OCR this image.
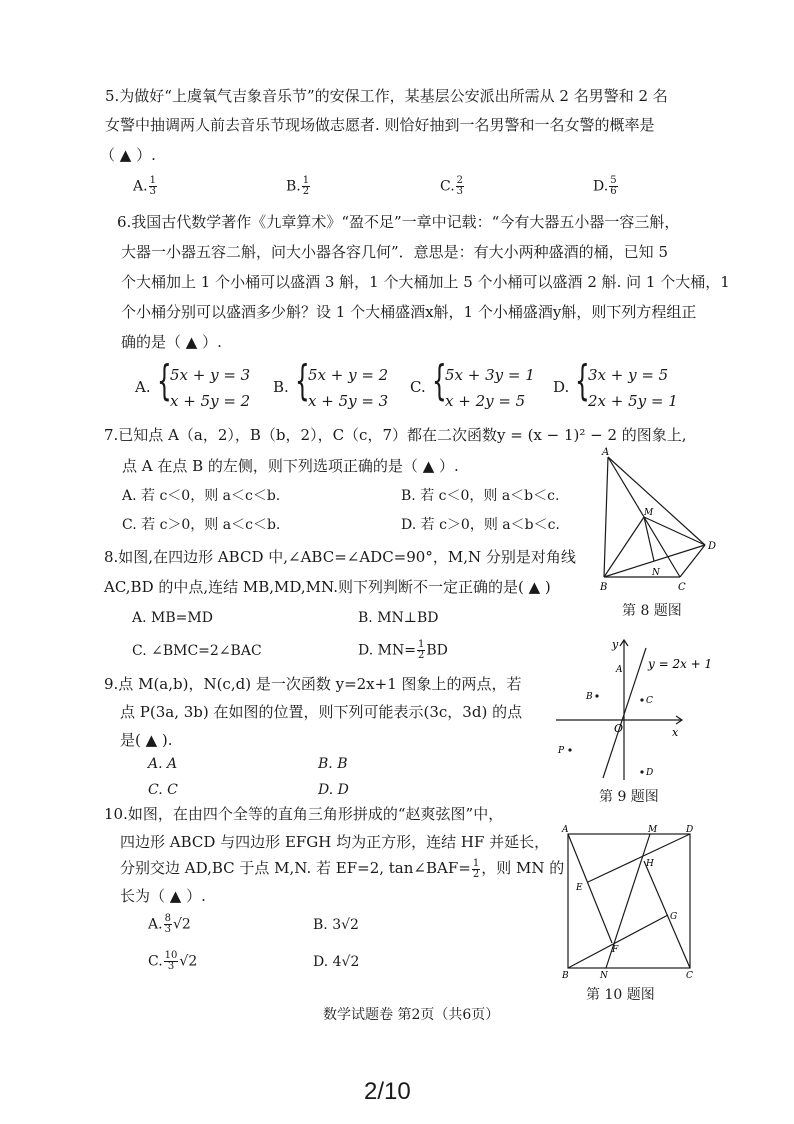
5.为做好“上虞氧气吉象音乐节”的安保工作，某基层公安派出所需从 2 名男警和 2 名
女警中抽调两人前去音乐节现场做志愿者. 则恰好抽到一名男警和一名女警的概率是
（ ▲ ）.
A. $\frac{1}{3}$	B. $\frac{1}{2}$	C. $\frac{2}{3}$	D. $\frac{5}{6}$
6.我国古代数学著作《九章算术》“盈不足”一章中记载：“今有大器五小器一容三斛，
大器一小器五容二斛，问大小器各容几何”．意思是：有大小两种盛酒的桶，已知 5
个大桶加上 1 个小桶可以盛酒 3 斛，1 个大桶加上 5 个小桶可以盛酒 2 斛. 问 1 个大桶，1
个小桶分别可以盛酒多少斛？设 1 个大桶盛酒x斛，1 个小桶盛酒y斛，则下列方程组正
确的是（ ▲ ）.
A. {
5x + y = 3
x + 5y = 2
B. {
5x + y = 2
x + 5y = 3
C. {
5x + 3y = 1
x + 2y = 5
D. {
3x + y = 5
2x + 5y = 1
7.已知点 A（a，2），B（b，2），C（c，7）都在二次函数y = (x − 1)² − 2 的图象上,
点 A 在点 B 的左侧，则下列选项正确的是（ ▲ ）.
A. 若 c＜0，则 a＜c＜b.	B. 若 c＜0，则 a＜b＜c.
C. 若 c＞0，则 a＜c＜b.	D. 若 c＞0，则 a＜b＜c.
8.如图,在四边形 ABCD 中,∠ABC=∠ADC=90°，M,N 分别是对角线
AC,BD 的中点,连结 MB,MD,MN.则下列判断不一定正确的是( ▲ )
A. MB=MD	B. MN⊥BD
C. ∠BMC=2∠BAC	D. $MN= \frac{1}{2}$ BD
9.点 M(a,b)，N(c,d) 是一次函数 y=2x+1 图象上的两点，若
点 P(3a, 3b) 在如图的位置，则下列可能表示(3c，3d) 的点
是( ▲ ).
A. A	B. B
C. C	D. D
10.如图，在由四个全等的直角三角形拼成的“赵爽弦图”中，
四边形 ABCD 与四边形 EFGH 均为正方形，连结 HF 并延长，
分别交边 AD,BC 于点 M,N. 若 EF=2, tan∠BAF= $\frac{1}{2}$ ，则 MN 的
长为（ ▲ ）.
A. $\frac{8}{3} √2$	B. 3√2
C. $\frac{10}{3} √2$	D. 4√2
A
B	C
D
M
N
第 8 题图
y
x
O
y = 2x + 1
A
B	C
P
D
第 9 题图
A	M	D
H
E
G
F
B	N	C
第 10 题图
数学试题卷 第2页（共6页）
2/10
